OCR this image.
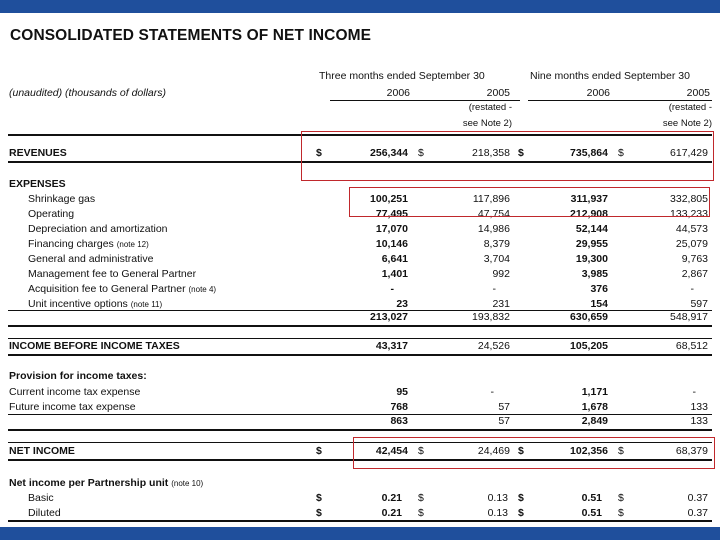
CONSOLIDATED STATEMENTS OF NET INCOME
Three months ended September 30	Nine months ended September 30
(unaudited) (thousands of dollars)	2006	2005	2006	2005
(restated -	(restated -
see Note 2)	see Note 2)
REVENUES	$	256,344 $	218,358 $	735,864 $	617,429
EXPENSES
Shrinkage gas	100,251	117,896	311,937	332,805
Operating	77,495	47,754	212,908	133,233
Depreciation and amortization	17,070	14,986	52,144	44,573
Financing charges (note 12)	10,146	8,379	29,955	25,079
General and administrative	6,641	3,704	19,300	9,763
Management fee to General Partner	1,401	992	3,985	2,867
Acquisition fee to General Partner (note 4)	-	-	376	-
Unit incentive options (note 11)	23	231	154	597
213,027	193,832	630,659	548,917
INCOME BEFORE INCOME TAXES	43,317	24,526	105,205	68,512
Provision for income taxes:
Current income tax expense	95	-	1,171	-
Future income tax expense	768	57	1,678	133
863	57	2,849	133
NET INCOME	$	42,454 $	24,469 $	102,356 $	68,379
Net income per Partnership unit (note 10)
Basic	$	0.21 $	0.13 $	0.51 $	0.37
Diluted	$	0.21 $	0.13 $	0.51 $	0.37
